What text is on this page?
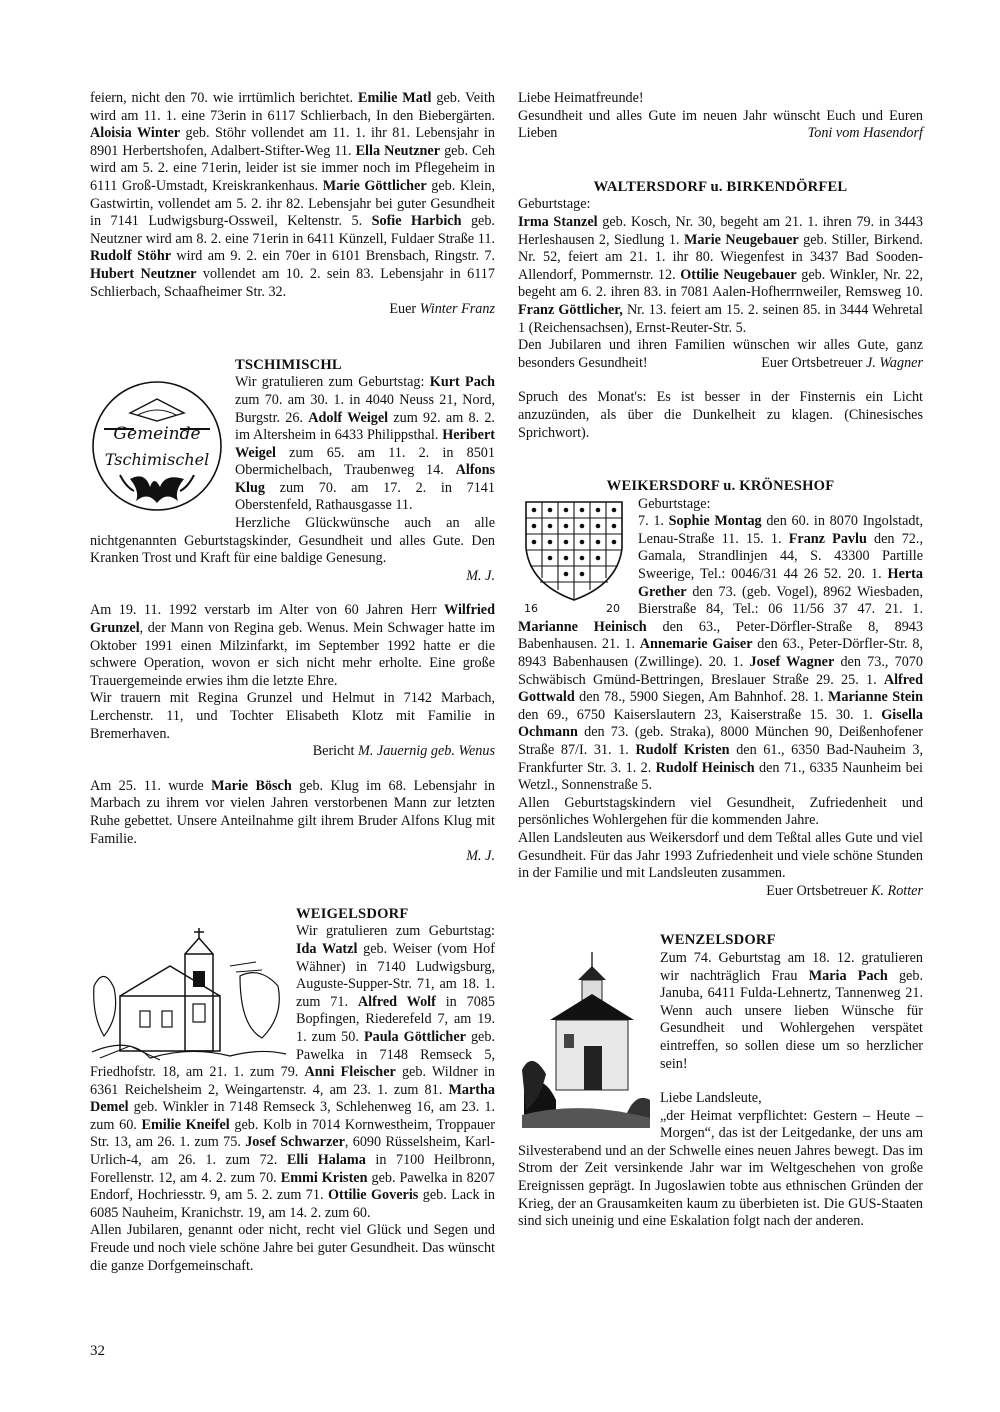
feiern, nicht den 70. wie irrtümlich berichtet. Emilie Matl geb. Veith wird am 11. 1. eine 73erin in 6117 Schlierbach, In den Biebergärten. Aloisia Winter geb. Stöhr vollendet am 11. 1. ihr 81. Lebensjahr in 8901 Herbertshofen, Adalbert-Stifter-Weg 11. Ella Neutzner geb. Ceh wird am 5. 2. eine 71erin, leider ist sie immer noch im Pflegeheim in 6111 Groß-Umstadt, Kreiskrankenhaus. Marie Göttlicher geb. Klein, Gastwirtin, vollendet am 5. 2. ihr 82. Lebensjahr bei guter Gesundheit in 7141 Ludwigsburg-Ossweil, Keltenstr. 5. Sofie Harbich geb. Neutzner wird am 8. 2. eine 71erin in 6411 Künzell, Fuldaer Straße 11. Rudolf Stöhr wird am 9. 2. ein 70er in 6101 Brensbach, Ringstr. 7. Hubert Neutzner vollendet am 10. 2. sein 83. Lebensjahr in 6117 Schlierbach, Schaafheimer Str. 32.

Euer Winter Franz

Gemeinde
Tschimischel

TSCHIMISCHL

Wir gratulieren zum Geburtstag: Kurt Pach zum 70. am 30. 1. in 4040 Neuss 21, Nord, Burgstr. 26. Adolf Weigel zum 92. am 8. 2. im Altersheim in 6433 Philippsthal. Heribert Weigel zum 65. am 11. 2. in 8501 Obermichelbach, Traubenweg 14. Alfons Klug zum 70. am 17. 2. in 7141 Oberstenfeld, Rathausgasse 11.

Herzliche Glückwünsche auch an alle nichtgenannten Geburtstagskinder, Gesundheit und alles Gute. Den Kranken Trost und Kraft für eine baldige Genesung.

M. J.

Am 19. 11. 1992 verstarb im Alter von 60 Jahren Herr Wilfried Grunzel, der Mann von Regina geb. Wenus. Mein Schwager hatte im Oktober 1991 einen Milzinfarkt, im September 1992 hatte er die schwere Operation, wovon er sich nicht mehr erholte. Eine große Trauergemeinde erwies ihm die letzte Ehre.

Wir trauern mit Regina Grunzel und Helmut in 7142 Marbach, Lerchenstr. 11, und Tochter Elisabeth Klotz mit Familie in Bremerhaven.

Bericht M. Jauernig geb. Wenus

Am 25. 11. wurde Marie Bösch geb. Klug im 68. Lebensjahr in Marbach zu ihrem vor vielen Jahren verstorbenen Mann zur letzten Ruhe gebettet. Unsere Anteilnahme gilt ihrem Bruder Alfons Klug mit Familie.

M. J.

WEIGELSDORF

Wir gratulieren zum Geburtstag: Ida Watzl geb. Weiser (vom Hof Wähner) in 7140 Ludwigsburg, Auguste-Supper-Str. 71, am 18. 1. zum 71. Alfred Wolf in 7085 Bopfingen, Riederefeld 7, am 19. 1. zum 50. Paula Göttlicher geb. Pawelka in 7148 Remseck 5, Friedhofstr. 18, am 21. 1. zum 79. Anni Fleischer geb. Wildner in 6361 Reichelsheim 2, Weingartenstr. 4, am 23. 1. zum 81. Martha Demel geb. Winkler in 7148 Remseck 3, Schlehenweg 16, am 23. 1. zum 60. Emilie Kneifel geb. Kolb in 7014 Kornwestheim, Troppauer Str. 13, am 26. 1. zum 75. Josef Schwarzer, 6090 Rüsselsheim, Karl-Urlich-4, am 26. 1. zum 72. Elli Halama in 7100 Heilbronn, Forellenstr. 12, am 4. 2. zum 70. Emmi Kristen geb. Pawelka in 8207 Endorf, Hochriesstr. 9, am 5. 2. zum 71. Ottilie Goveris geb. Lack in 6085 Nauheim, Kranichstr. 19, am 14. 2. zum 60.

Allen Jubilaren, genannt oder nicht, recht viel Glück und Segen und Freude und noch viele schöne Jahre bei guter Gesundheit. Das wünscht die ganze Dorfgemeinschaft.

Liebe Heimatfreunde!

Gesundheit und alles Gute im neuen Jahr wünscht Euch und Euren Lieben	Toni vom Hasendorf

WALTERSDORF u. BIRKENDÖRFEL

Geburtstage:

Irma Stanzel geb. Kosch, Nr. 30, begeht am 21. 1. ihren 79. in 3443 Herleshausen 2, Siedlung 1. Marie Neugebauer geb. Stiller, Birkend. Nr. 52, feiert am 21. 1. ihr 80. Wiegenfest in 3437 Bad Sooden-Allendorf, Pommernstr. 12. Ottilie Neugebauer geb. Winkler, Nr. 22, begeht am 6. 2. ihren 83. in 7081 Aalen-Hofherrnweiler, Remsweg 10. Franz Göttlicher, Nr. 13. feiert am 15. 2. seinen 85. in 3444 Wehretal 1 (Reichensachsen), Ernst-Reuter-Str. 5.

Den Jubilaren und ihren Familien wünschen wir alles Gute, ganz besonders Gesundheit!	Euer Ortsbetreuer J. Wagner

Spruch des Monat's: Es ist besser in der Finsternis ein Licht anzuzünden, als über die Dunkelheit zu klagen. (Chinesisches Sprichwort).

WEIKERSDORF u. KRÖNESHOF

16	20

Geburtstage:

7. 1. Sophie Montag den 60. in 8070 Ingolstadt, Lenau-Straße 11. 15. 1. Franz Pavlu den 72., Gamala, Strandlinjen 44, S. 43300 Partille Sweerige, Tel.: 0046/31 44 26 52. 20. 1. Herta Grether den 73. (geb. Vogel), 8962 Wiesbaden, Bierstraße 84, Tel.: 06 11/56 37 47. 21. 1. Marianne Heinisch den 63., Peter-Dörfler-Straße 8, 8943 Babenhausen. 21. 1. Annemarie Gaiser den 63., Peter-Dörfler-Str. 8, 8943 Babenhausen (Zwillinge). 20. 1. Josef Wagner den 73., 7070 Schwäbisch Gmünd-Bettringen, Breslauer Straße 29. 25. 1. Alfred Gottwald den 78., 5900 Siegen, Am Bahnhof. 28. 1. Marianne Stein den 69., 6750 Kaiserslautern 23, Kaiserstraße 15. 30. 1. Gisella Ochmann den 73. (geb. Straka), 8000 München 90, Deißenhofener Straße 87/I. 31. 1. Rudolf Kristen den 61., 6350 Bad-Nauheim 3, Frankfurter Str. 3. 1. 2. Rudolf Heinisch den 71., 6335 Naunheim bei Wetzl., Sonnenstraße 5.

Allen Geburtstagskindern viel Gesundheit, Zufriedenheit und persönliches Wohlergehen für die kommenden Jahre.

Allen Landsleuten aus Weikersdorf und dem Teßtal alles Gute und viel Gesundheit. Für das Jahr 1993 Zufriedenheit und viele schöne Stunden in der Familie und mit Landsleuten zusammen.

Euer Ortsbetreuer K. Rotter

WENZELSDORF

Zum 74. Geburtstag am 18. 12. gratulieren wir nachträglich Frau Maria Pach geb. Januba, 6411 Fulda-Lehnertz, Tannenweg 21. Wenn auch unsere lieben Wünsche für Gesundheit und Wohlergehen verspätet eintreffen, so sollen diese um so herzlicher sein!

Liebe Landsleute,

„der Heimat verpflichtet: Gestern – Heute – Morgen“, das ist der Leitgedanke, der uns am Silvesterabend und an der Schwelle eines neuen Jahres bewegt. Das im Strom der Zeit versinkende Jahr war im Weltgeschehen von große Ereignissen geprägt. In Jugoslawien tobte aus ethnischen Gründen der Krieg, der an Grausamkeiten kaum zu überbieten ist. Die GUS-Staaten sind sich uneinig und eine Eskalation folgt nach der anderen.

32
